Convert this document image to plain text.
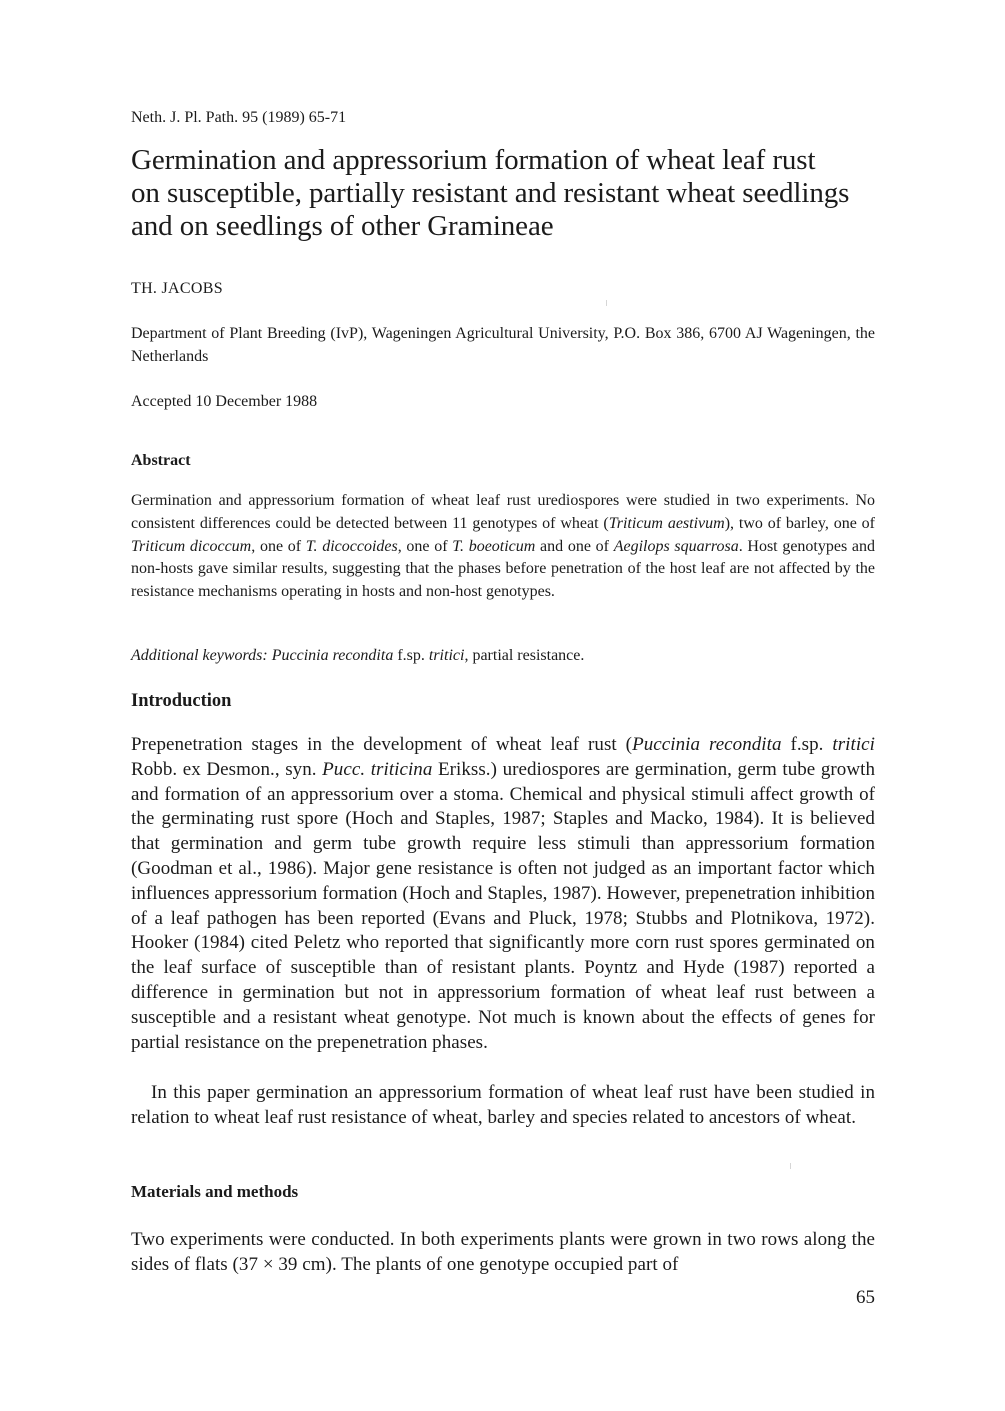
Neth. J. Pl. Path. 95 (1989) 65-71

Germination and appressorium formation of wheat leaf rust
on susceptible, partially resistant and resistant wheat seedlings
and on seedlings of other Gramineae

TH. JACOBS

Department of Plant Breeding (IvP), Wageningen Agricultural University, P.O. Box 386, 6700 AJ Wageningen, the Netherlands

Accepted 10 December 1988

Abstract

Germination and appressorium formation of wheat leaf rust urediospores were studied in two experiments. No consistent differences could be detected between 11 genotypes of wheat (Triticum aestivum), two of barley, one of Triticum dicoccum, one of T. dicoccoides, one of T. boeoticum and one of Aegilops squarrosa. Host genotypes and non-hosts gave similar results, suggesting that the phases before penetration of the host leaf are not affected by the resistance mechanisms operating in hosts and non-host genotypes.

Additional keywords: Puccinia recondita f.sp. tritici, partial resistance.

Introduction

Prepenetration stages in the development of wheat leaf rust (Puccinia recondita f.sp. tritici Robb. ex Desmon., syn. Pucc. triticina Erikss.) urediospores are germination, germ tube growth and formation of an appressorium over a stoma. Chemical and physical stimuli affect growth of the germinating rust spore (Hoch and Staples, 1987; Staples and Macko, 1984). It is believed that germination and germ tube growth require less stimuli than appressorium formation (Goodman et al., 1986). Major gene resistance is often not judged as an important factor which influences appressorium formation (Hoch and Staples, 1987). However, prepenetration inhibition of a leaf pathogen has been reported (Evans and Pluck, 1978; Stubbs and Plotnikova, 1972). Hooker (1984) cited Peletz who reported that significantly more corn rust spores germinated on the leaf surface of susceptible than of resistant plants. Poyntz and Hyde (1987) reported a difference in germination but not in appressorium formation of wheat leaf rust between a susceptible and a resistant wheat genotype. Not much is known about the effects of genes for partial resistance on the prepenetration phases.

In this paper germination an appressorium formation of wheat leaf rust have been studied in relation to wheat leaf rust resistance of wheat, barley and species related to ancestors of wheat.

Materials and methods

Two experiments were conducted. In both experiments plants were grown in two rows along the sides of flats (37 × 39 cm). The plants of one genotype occupied part of

65
